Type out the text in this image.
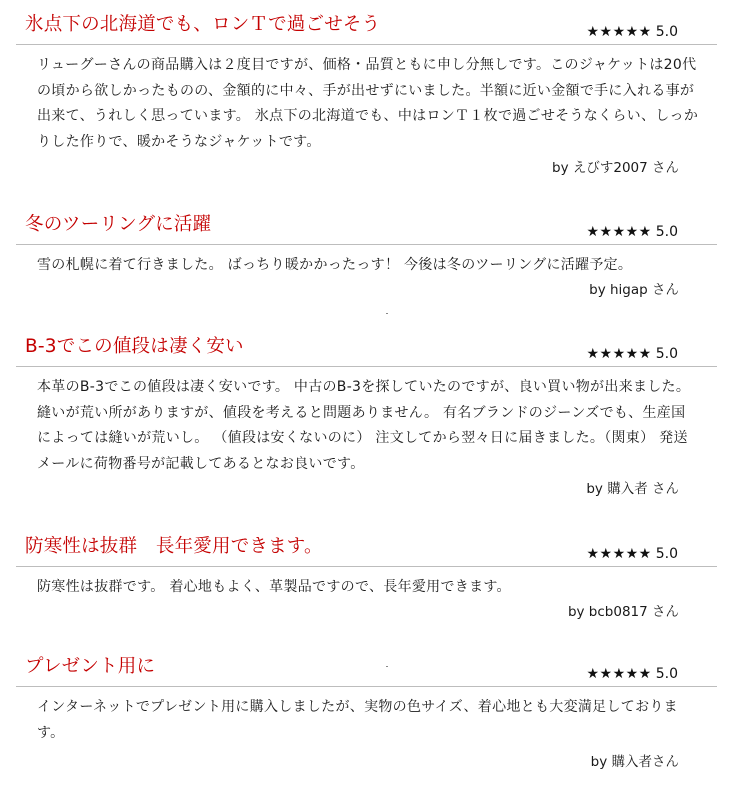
氷点下の北海道でも、ロンＴで過ごせそう	★★★★★ 5.0
リューグーさんの商品購入は２度目ですが、価格・品質ともに申し分無しです。このジャケットは20代の頃から欲しかったものの、金額的に中々、手が出せずにいました。半額に近い金額で手に入れる事が出来て、うれしく思っています。 氷点下の北海道でも、中はロンＴ１枚で過ごせそうなくらい、しっかりした作りで、暖かそうなジャケットです。
by えびす2007 さん
冬のツーリングに活躍	★★★★★ 5.0
雪の札幌に着て行きました。 ばっちり暖かかったっす！ 今後は冬のツーリングに活躍予定。
by higap さん
B-3でこの値段は凄く安い	★★★★★ 5.0
本革のB-3でこの値段は凄く安いです。 中古のB-3を探していたのですが、良い買い物が出来ました。 縫いが荒い所がありますが、値段を考えると問題ありません。 有名ブランドのジーンズでも、生産国によっては縫いが荒いし。 （値段は安くないのに） 注文してから翌々日に届きました。（関東） 発送メールに荷物番号が記載してあるとなお良いです。
by 購入者 さん
防寒性は抜群　長年愛用できます。	★★★★★ 5.0
防寒性は抜群です。 着心地もよく、革製品ですので、長年愛用できます。
by bcb0817 さん
プレゼント用に	★★★★★ 5.0
インターネットでプレゼント用に購入しましたが、実物の色サイズ、着心地とも大変満足しております。
by 購入者さん
